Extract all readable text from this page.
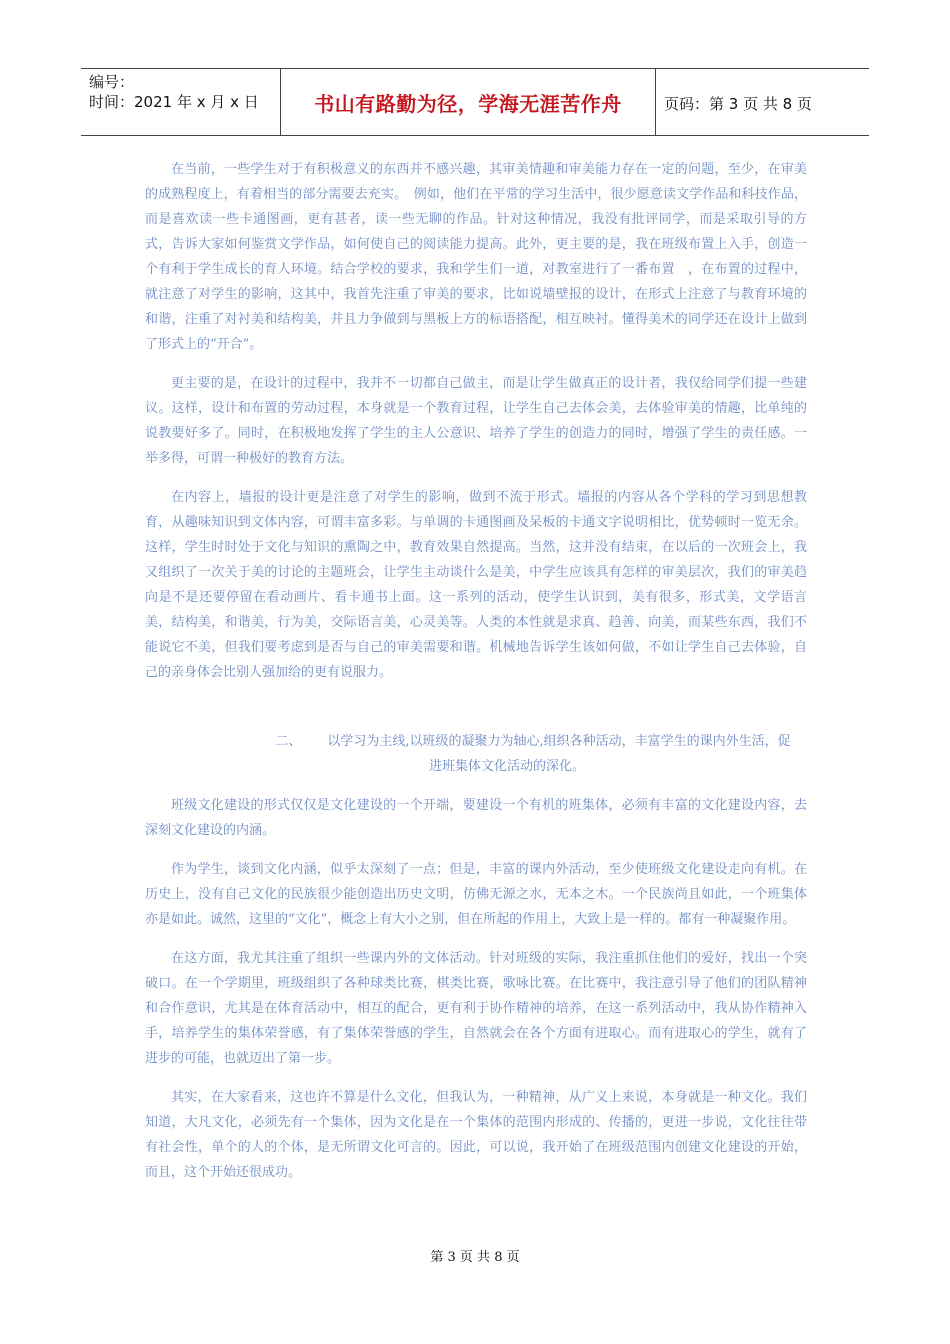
编号：
时间：2021 年 x 月 x 日	书山有路勤为径，学海无涯苦作舟	页码：第 3 页 共 8 页

在当前，一些学生对于有积极意义的东西并不感兴趣，其审美情趣和审美能力存在一定的问题，至少，在审美的成熟程度上，有着相当的部分需要去充实。　例如，他们在平常的学习生活中，很少愿意读文学作品和科技作品，而是喜欢读一些卡通图画，更有甚者，读一些无聊的作品。针对这种情况，我没有批评同学，而是采取引导的方式，告诉大家如何鉴赏文学作品，如何使自己的阅读能力提高。此外，更主要的是，我在班级布置上入手，创造一个有利于学生成长的育人环境。结合学校的要求，我和学生们一道，对教室进行了一番布置　，在布置的过程中，就注意了对学生的影响，这其中，我首先注重了审美的要求，比如说墙壁报的设计，在形式上注意了与教育环境的和谐，注重了对衬美和结构美，并且力争做到与黑板上方的标语搭配，相互映衬。懂得美术的同学还在设计上做到了形式上的“开合”。

更主要的是，在设计的过程中，我并不一切都自己做主，而是让学生做真正的设计者，我仅给同学们提一些建议。这样，设计和布置的劳动过程，本身就是一个教育过程，让学生自己去体会美，去体验审美的情趣，比单纯的说教要好多了。同时，在积极地发挥了学生的主人公意识、培养了学生的创造力的同时，增强了学生的责任感。一举多得，可谓一种极好的教育方法。

在内容上，墙报的设计更是注意了对学生的影响，做到不流于形式。墙报的内容从各个学科的学习到思想教育，从趣味知识到文体内容，可谓丰富多彩。与单调的卡通图画及呆板的卡通文字说明相比，优势顿时一览无余。这样，学生时时处于文化与知识的熏陶之中，教育效果自然提高。当然，这并没有结束，在以后的一次班会上，我又组织了一次关于美的讨论的主题班会，让学生主动谈什么是美，中学生应该具有怎样的审美层次，我们的审美趋向是不是还要停留在看动画片、看卡通书上面。这一系列的活动，使学生认识到，美有很多，形式美，文学语言美，结构美，和谐美，行为美，交际语言美，心灵美等。人类的本性就是求真、趋善、向美，而某些东西，我们不能说它不美，但我们要考虑到是否与自己的审美需要和谐。机械地告诉学生该如何做，不如让学生自己去体验，自己的亲身体会比别人强加给的更有说服力。

二、 以学习为主线,以班级的凝聚力为轴心,组织各种活动，丰富学生的课内外生活，促进班集体文化活动的深化。

班级文化建设的形式仅仅是文化建设的一个开端，要建设一个有机的班集体，必须有丰富的文化建设内容，去深刻文化建设的内涵。

作为学生，谈到文化内涵，似乎太深刻了一点；但是，丰富的课内外活动，至少使班级文化建设走向有机。在历史上，没有自己文化的民族很少能创造出历史文明，仿佛无源之水，无本之木。一个民族尚且如此，一个班集体亦是如此。诚然，这里的“文化”，概念上有大小之别，但在所起的作用上，大致上是一样的。都有一种凝聚作用。

在这方面，我尤其注重了组织一些课内外的文体活动。针对班级的实际，我注重抓住他们的爱好，找出一个突破口。在一个学期里，班级组织了各种球类比赛，棋类比赛，歌咏比赛。在比赛中，我注意引导了他们的团队精神和合作意识，尤其是在体育活动中，相互的配合，更有利于协作精神的培养，在这一系列活动中，我从协作精神入手，培养学生的集体荣誉感，有了集体荣誉感的学生，自然就会在各个方面有进取心。而有进取心的学生，就有了进步的可能，也就迈出了第一步。

其实，在大家看来，这也许不算是什么文化，但我认为，一种精神，从广义上来说，本身就是一种文化。我们知道，大凡文化，必须先有一个集体，因为文化是在一个集体的范围内形成的、传播的，更进一步说，文化往往带有社会性，单个的人的个体，是无所谓文化可言的。因此，可以说，我开始了在班级范围内创建文化建设的开始，而且，这个开始还很成功。

第 3 页 共 8 页
